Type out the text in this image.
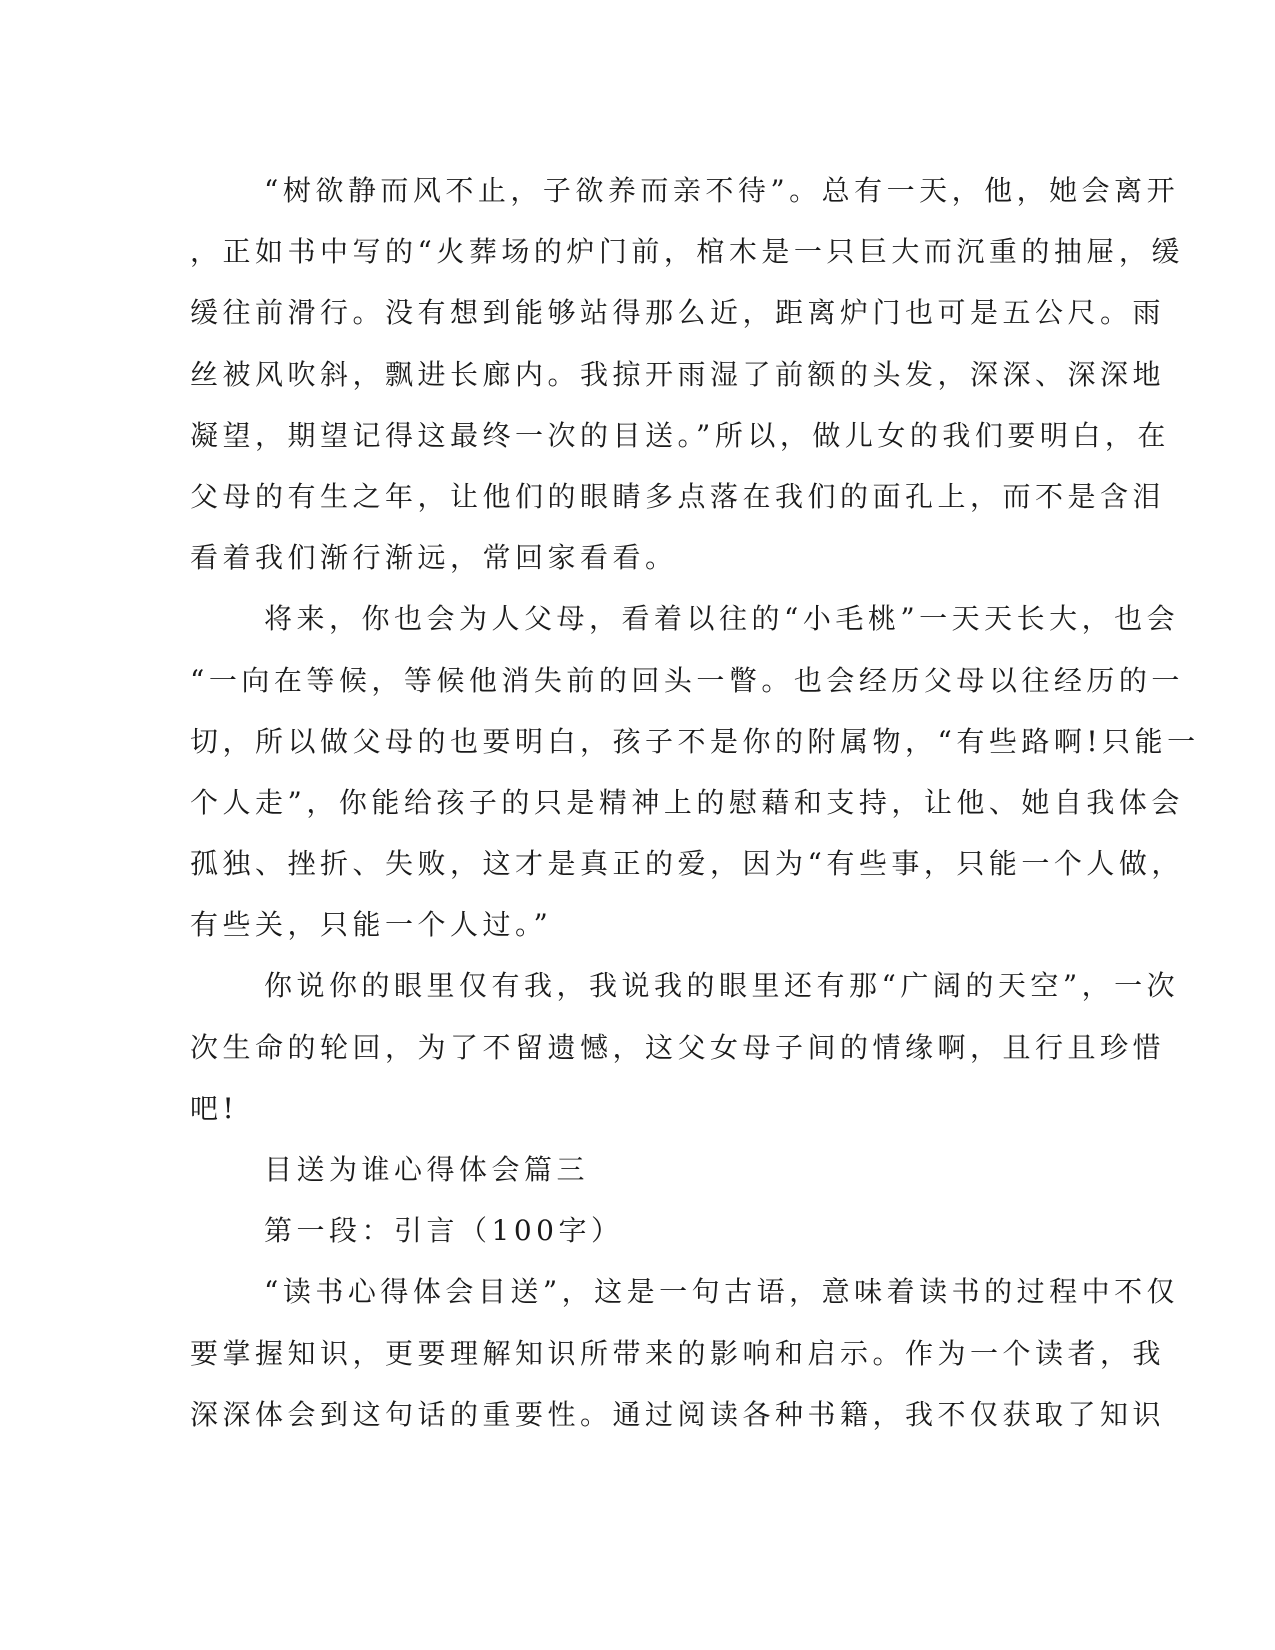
“树欲静而风不止，子欲养而亲不待”。总有一天，他，她会离开
，正如书中写的“火葬场的炉门前，棺木是一只巨大而沉重的抽屉，缓
缓往前滑行。没有想到能够站得那么近，距离炉门也可是五公尺。雨
丝被风吹斜，飘进长廊内。我掠开雨湿了前额的头发，深深、深深地
凝望，期望记得这最终一次的目送。”所以，做儿女的我们要明白，在
父母的有生之年，让他们的眼睛多点落在我们的面孔上，而不是含泪
看着我们渐行渐远，常回家看看。
将来，你也会为人父母，看着以往的“小毛桃”一天天长大，也会
“一向在等候，等候他消失前的回头一瞥。也会经历父母以往经历的一
切，所以做父母的也要明白，孩子不是你的附属物，“有些路啊!只能一
个人走”，你能给孩子的只是精神上的慰藉和支持，让他、她自我体会
孤独、挫折、失败，这才是真正的爱，因为“有些事，只能一个人做，
有些关，只能一个人过。”
你说你的眼里仅有我，我说我的眼里还有那“广阔的天空”，一次
次生命的轮回，为了不留遗憾，这父女母子间的情缘啊，且行且珍惜
吧!
目送为谁心得体会篇三
第一段：引言（100字）
“读书心得体会目送”，这是一句古语，意味着读书的过程中不仅
要掌握知识，更要理解知识所带来的影响和启示。作为一个读者，我
深深体会到这句话的重要性。通过阅读各种书籍，我不仅获取了知识
